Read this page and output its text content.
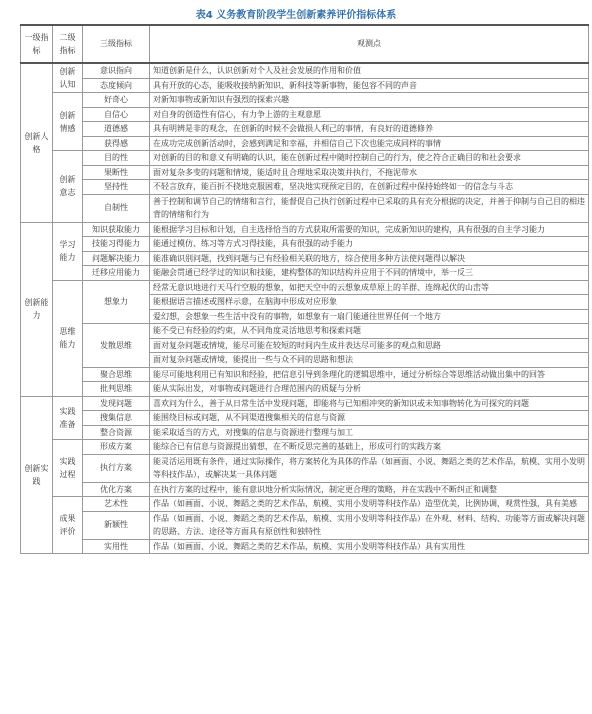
表4 义务教育阶段学生创新素养评价指标体系
一级指标	二级指标	三级指标	观测点
创新人格	创新认知	意识指向	知道创新是什么，认识创新对个人及社会发展的作用和价值
		态度倾向	具有开放的心态，能吸收接纳新知识、新科技等新事物，能包容不同的声音
	创新情感	好奇心	对新知事物或新知识有强烈的探索兴趣
		自信心	对自身的创造性有信心，有力争上游的主观意愿
		道德感	具有明辨是非的观念，在创新的时候不会做损人利己的事情，有良好的道德修养
		获得感	在成功完成创新活动时，会感到满足和幸福，并相信自己下次也能完成同样的事情
	创新意志	目的性	对创新的目的和意义有明确的认识，能在创新过程中随时控制自己的行为，使之符合正确目的和社会要求
		果断性	面对复杂多变的问题和情境，能适时且合理地采取决策并执行，不拖泥带水
		坚持性	不轻言放弃，能百折不挠地克服困难，坚决地实现预定目的，在创新过程中保持始终如一的信念与斗志
		自制性	善于控制和调节自己的情绪和言行，能督促自己执行创新过程中已采取的具有充分根据的决定，并善于抑制与自己目的相违背的情绪和行为
创新能力	学习能力	知识获取能力	能根据学习目标和计划，自主选择恰当的方式获取所需要的知识，完成新知识的建构，具有很强的自主学习能力
		技能习得能力	能通过模仿、练习等方式习得技能，具有很强的动手能力
		问题解决能力	能准确识别问题，找到问题与已有经验相关联的地方，综合使用多种方法使问题得以解决
		迁移应用能力	能融会贯通已经学过的知识和技能，建构整体的知识结构并应用于不同的情境中，举一反三
	思维能力	想象力	经常无意识地进行天马行空般的想象，如把天空中的云想象成草原上的羊群、连绵起伏的山峦等
			能根据语言描述或图样示意，在脑海中形成对应形象
			爱幻想，会想象一些生活中没有的事物，如想象有一扇门能通往世界任何一个地方
		发散思维	能不受已有经验的约束，从不同角度灵活地思考和探索问题
			面对复杂问题或情境，能尽可能在较短的时间内生成并表达尽可能多的观点和思路
			面对复杂问题或情境，能提出一些与众不同的思路和想法
		聚合思维	能尽可能地利用已有知识和经验，把信息引导到条理化的逻辑思维中，通过分析综合等思维活动做出集中的回答
		批判思维	能从实际出发，对事物或问题进行合理范围内的质疑与分析
创新实践	实践准备	发现问题	喜欢问为什么，善于从日常生活中发现问题，即能将与已知相冲突的新知识或未知事物转化为可探究的问题
		搜集信息	能围绕目标或问题，从不同渠道搜集相关的信息与资源
		整合资源	能采取适当的方式，对搜集的信息与资源进行整理与加工
	实践过程	形成方案	能综合已有信息与资源提出猜想，在不断反思完善的基础上，形成可行的实践方案
		执行方案	能灵活运用既有条件，通过实际操作，将方案转化为具体的作品（如画面、小说、舞蹈之类的艺术作品，航模、实用小发明等科技作品），或解决某一具体问题
		优化方案	在执行方案的过程中，能有意识地分析实际情况，制定更合理的策略，并在实践中不断纠正和调整
	成果评价	艺术性	作品（如画面、小说、舞蹈之类的艺术作品，航模、实用小发明等科技作品）造型优美，比例协调，观赏性强，具有美感
		新颖性	作品（如画面、小说、舞蹈之类的艺术作品，航模、实用小发明等科技作品）在外观、材料、结构、功能等方面或解决问题的思路、方法、途径等方面具有原创性和独特性
		实用性	作品（如画面、小说、舞蹈之类的艺术作品，航模、实用小发明等科技作品）具有实用性
